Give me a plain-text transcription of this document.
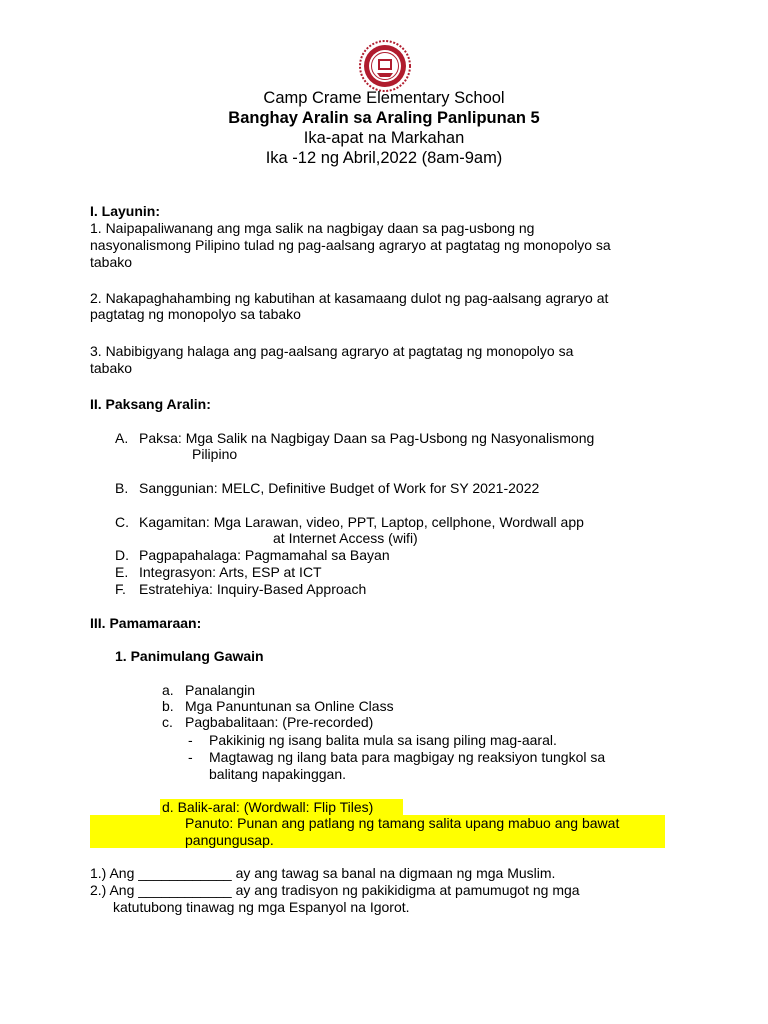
Camp Crame Elementary School
Banghay Aralin sa Araling Panlipunan 5
Ika-apat na Markahan
Ika -12 ng Abril,2022 (8am-9am)
I. Layunin:
1. Naipapaliwanang ang mga salik na nagbigay daan sa pag-usbong ng
nasyonalismong Pilipino tulad ng pag-aalsang agraryo at pagtatag ng monopolyo sa
tabako
2. Nakapaghahambing ng kabutihan at kasamaang dulot ng pag-aalsang agraryo at
pagtatag ng monopolyo sa tabako
3. Nabibigyang halaga ang pag-aalsang agraryo at pagtatag ng monopolyo sa
tabako
II. Paksang Aralin:
A. Paksa: Mga Salik na Nagbigay Daan sa Pag-Usbong ng Nasyonalismong
Pilipino
B. Sanggunian: MELC, Definitive Budget of Work for SY 2021-2022
C. Kagamitan: Mga Larawan, video, PPT, Laptop, cellphone, Wordwall app
at Internet Access (wifi)
D. Pagpapahalaga: Pagmamahal sa Bayan
E. Integrasyon: Arts, ESP at ICT
F. Estratehiya: Inquiry-Based Approach
III. Pamamaraan:
1. Panimulang Gawain
a. Panalangin
b. Mga Panuntunan sa Online Class
c. Pagbabalitaan: (Pre-recorded)
- Pakikinig ng isang balita mula sa isang piling mag-aaral.
- Magtawag ng ilang bata para magbigay ng reaksiyon tungkol sa
balitang napakinggan.
d. Balik-aral: (Wordwall: Flip Tiles)
Panuto: Punan ang patlang ng tamang salita upang mabuo ang bawat
pangungusap.
1.) Ang ____________ ay ang tawag sa banal na digmaan ng mga Muslim.
2.) Ang ____________ ay ang tradisyon ng pakikidigma at pamumugot ng mga
katutubong tinawag ng mga Espanyol na Igorot.
